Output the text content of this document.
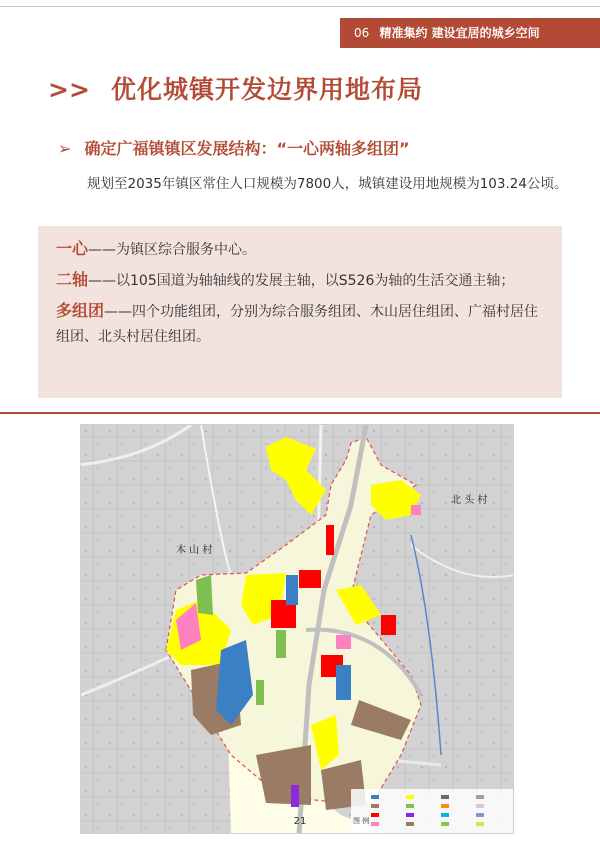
06 精准集约 建设宜居的城乡空间
>> 优化城镇开发边界用地布局
➢ 确定广福镇镇区发展结构：“一心两轴多组团”
规划至2035年镇区常住人口规模为7800人，城镇建设用地规模为103.24公顷。
一心——为镇区综合服务中心。
二轴——以105国道为轴轴线的发展主轴，以S526为轴的生活交通主轴；
多组团——四个功能组团，分别为综合服务组团、木山居住组团、广福村居住组团、北头村居住组团。
木 山 村
北 头 村
图 例
21
